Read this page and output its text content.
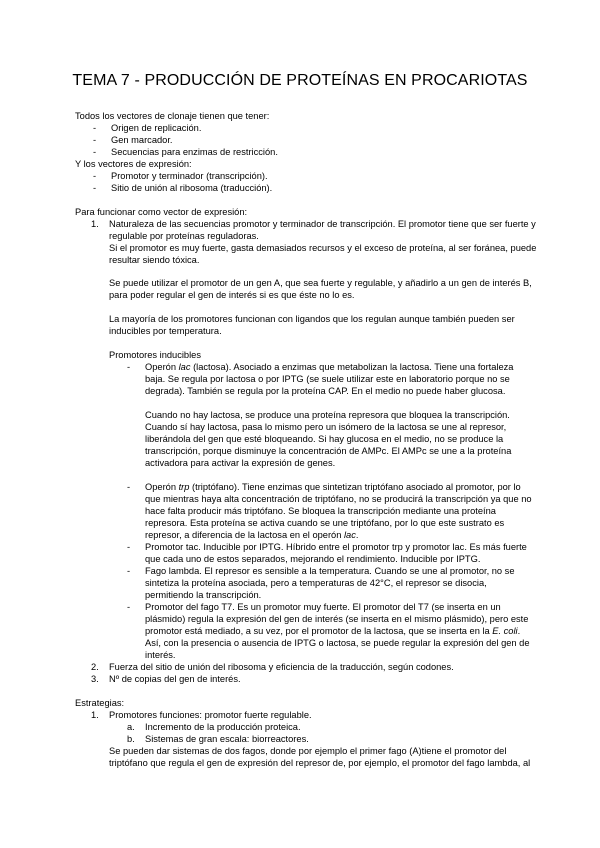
TEMA 7 - PRODUCCIÓN DE PROTEÍNAS EN PROCARIOTAS
Todos los vectores de clonaje tienen que tener:
- Origen de replicación.
- Gen marcador.
- Secuencias para enzimas de restricción.
Y los vectores de expresión:
- Promotor y terminador (transcripción).
- Sitio de unión al ribosoma (traducción).
Para funcionar como vector de expresión:
1. Naturaleza de las secuencias promotor y terminador de transcripción. El promotor tiene que ser fuerte y
regulable por proteínas reguladoras.
Si el promotor es muy fuerte, gasta demasiados recursos y el exceso de proteína, al ser foránea, puede
resultar siendo tóxica.
Se puede utilizar el promotor de un gen A, que sea fuerte y regulable, y añadirlo a un gen de interés B,
para poder regular el gen de interés si es que éste no lo es.
La mayoría de los promotores funcionan con ligandos que los regulan aunque también pueden ser
inducibles por temperatura.
Promotores inducibles
- Operón lac (lactosa). Asociado a enzimas que metabolizan la lactosa. Tiene una fortaleza
baja. Se regula por lactosa o por IPTG (se suele utilizar este en laboratorio porque no se
degrada). También se regula por la proteína CAP. En el medio no puede haber glucosa.
Cuando no hay lactosa, se produce una proteína represora que bloquea la transcripción.
Cuando sí hay lactosa, pasa lo mismo pero un isómero de la lactosa se une al represor,
liberándola del gen que esté bloqueando. Si hay glucosa en el medio, no se produce la
transcripción, porque disminuye la concentración de AMPc. El AMPc se une a la proteína
activadora para activar la expresión de genes.
- Operón trp (triptófano). Tiene enzimas que sintetizan triptófano asociado al promotor, por lo
que mientras haya alta concentración de triptófano, no se producirá la transcripción ya que no
hace falta producir más triptófano. Se bloquea la transcripción mediante una proteína
represora. Esta proteína se activa cuando se une triptófano, por lo que este sustrato es
represor, a diferencia de la lactosa en el operón lac.
- Promotor tac. Inducible por IPTG. Híbrido entre el promotor trp y promotor lac. Es más fuerte
que cada uno de estos separados, mejorando el rendimiento. Inducible por IPTG.
- Fago lambda. El represor es sensible a la temperatura. Cuando se une al promotor, no se
sintetiza la proteína asociada, pero a temperaturas de 42°C, el represor se disocia,
permitiendo la transcripción.
- Promotor del fago T7. Es un promotor muy fuerte. El promotor del T7 (se inserta en un
plásmido) regula la expresión del gen de interés (se inserta en el mismo plásmido), pero este
promotor está mediado, a su vez, por el promotor de la lactosa, que se inserta en la E. coli.
Así, con la presencia o ausencia de IPTG o lactosa, se puede regular la expresión del gen de
interés.
2. Fuerza del sitio de unión del ribosoma y eficiencia de la traducción, según codones.
3. Nº de copias del gen de interés.
Estrategias:
1. Promotores funciones: promotor fuerte regulable.
a. Incremento de la producción proteica.
b. Sistemas de gran escala: biorreactores.
Se pueden dar sistemas de dos fagos, donde por ejemplo el primer fago (A)tiene el promotor del
triptófano que regula el gen de expresión del represor de, por ejemplo, el promotor del fago lambda, al
